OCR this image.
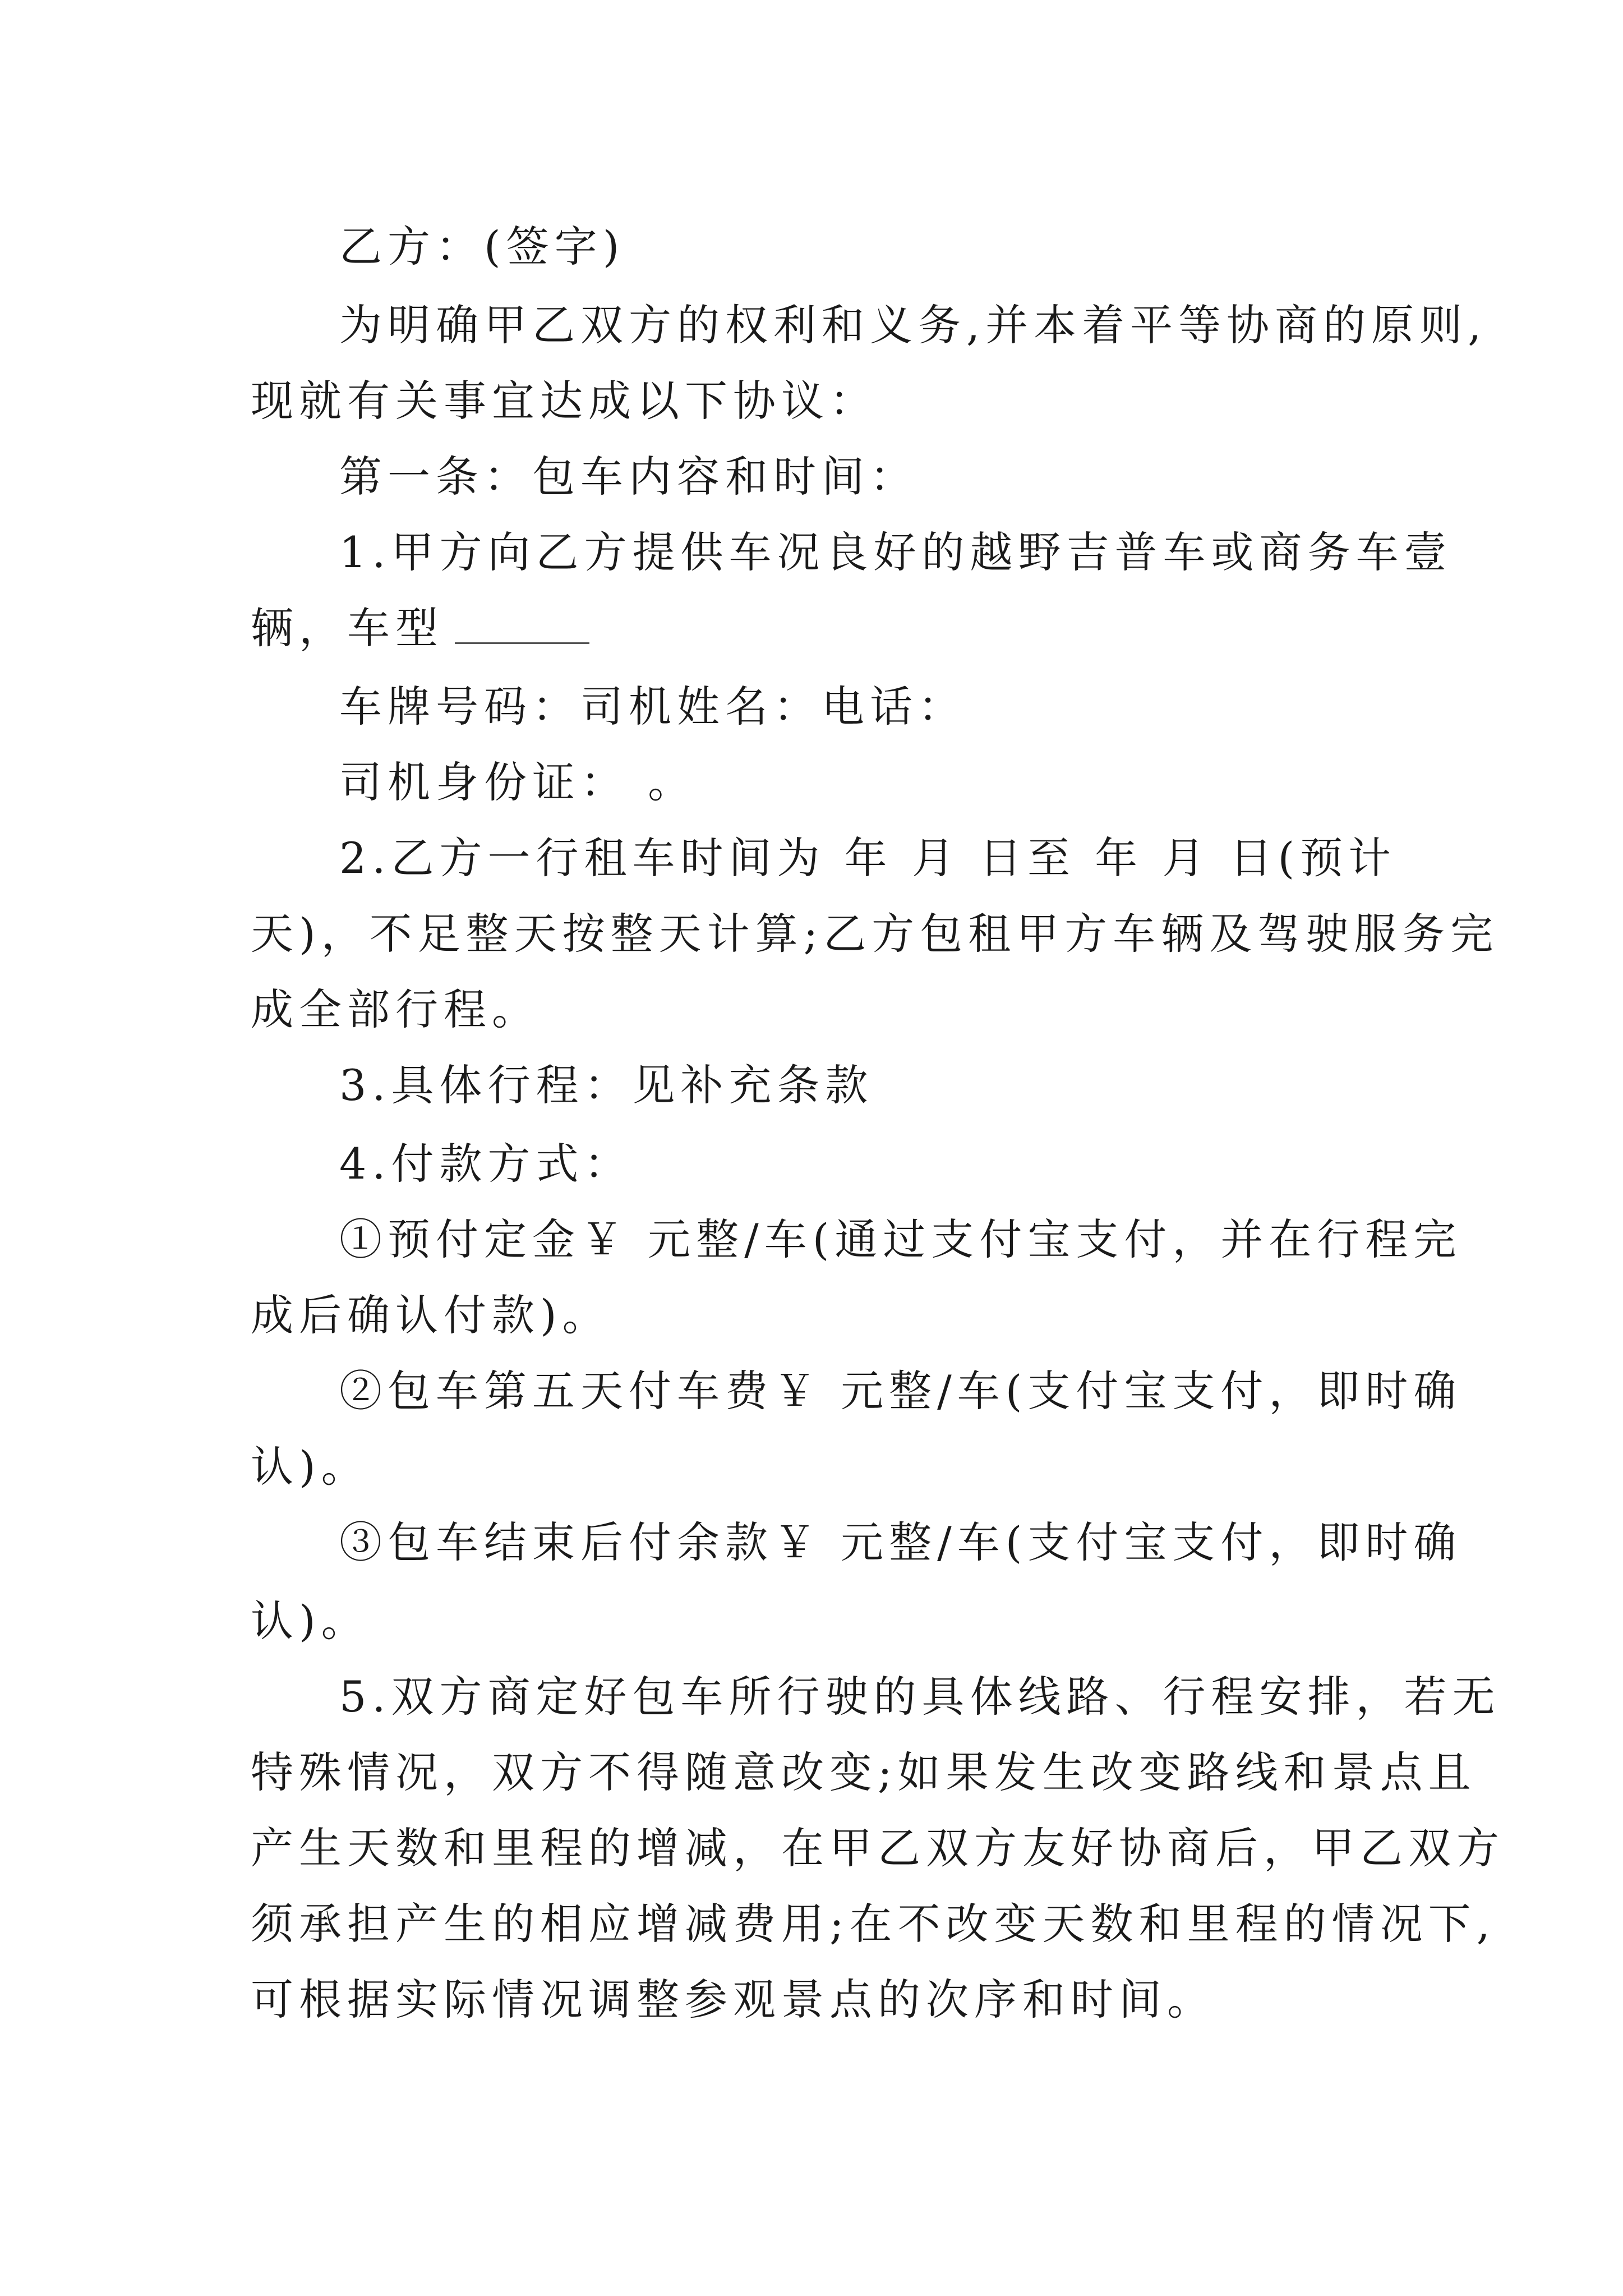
乙方：(签字)
为明确甲乙双方的权利和义务,并本着平等协商的原则,
现就有关事宜达成以下协议：
第一条：包车内容和时间：
1.甲方向乙方提供车况良好的越野吉普车或商务车壹
辆，车型
车牌号码：司机姓名：电话：
司机身份证： 。
2.乙方一行租车时间为 年 月 日至 年 月 日(预计
天)，不足整天按整天计算;乙方包租甲方车辆及驾驶服务完
成全部行程。
3.具体行程：见补充条款
4.付款方式：
①预付定金￥ 元整/车(通过支付宝支付，并在行程完
成后确认付款)。
②包车第五天付车费￥ 元整/车(支付宝支付，即时确
认)。
③包车结束后付余款￥ 元整/车(支付宝支付，即时确
认)。
5.双方商定好包车所行驶的具体线路、行程安排，若无
特殊情况，双方不得随意改变;如果发生改变路线和景点且
产生天数和里程的增减，在甲乙双方友好协商后，甲乙双方
须承担产生的相应增减费用;在不改变天数和里程的情况下,
可根据实际情况调整参观景点的次序和时间。
